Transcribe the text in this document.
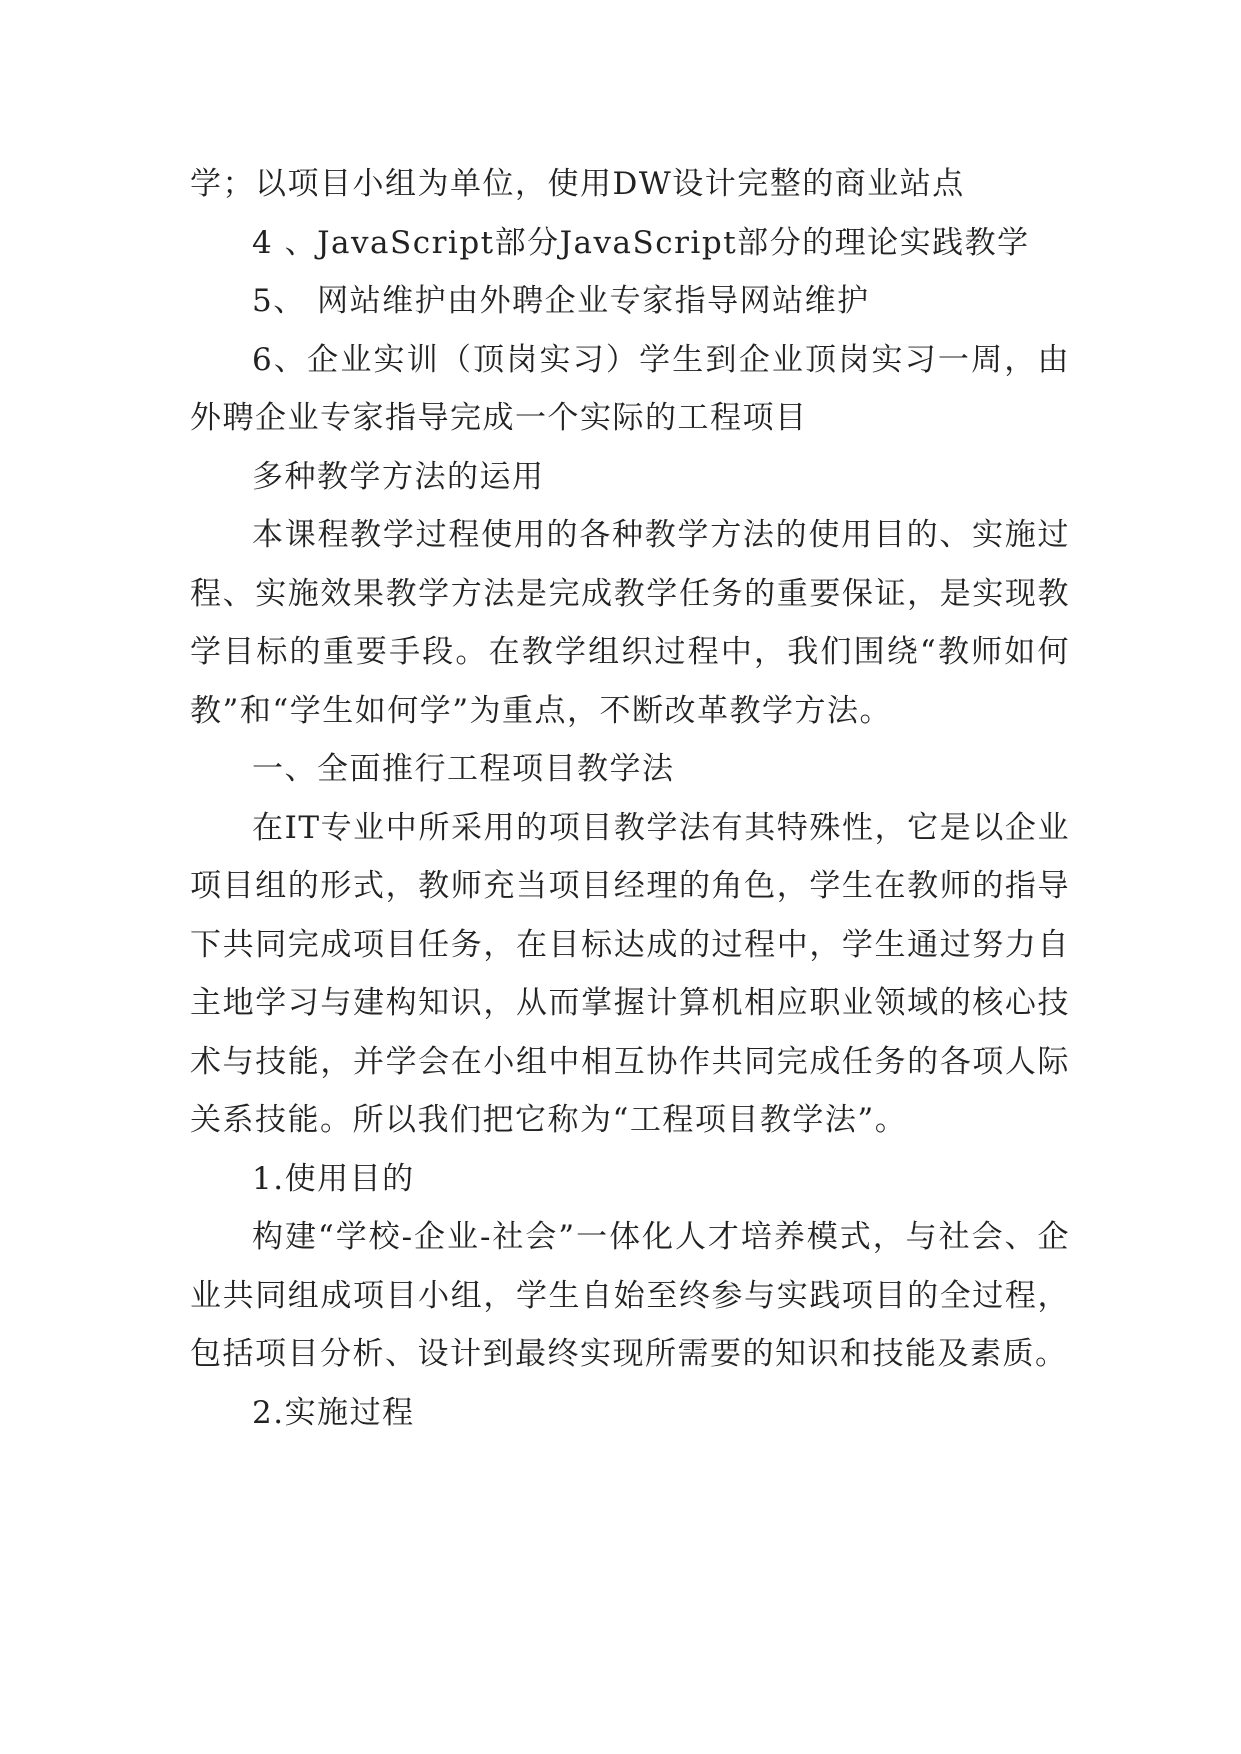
学；以项目小组为单位，使用DW设计完整的商业站点

4 、JavaScript部分JavaScript部分的理论实践教学

5、 网站维护由外聘企业专家指导网站维护

6、企业实训（顶岗实习）学生到企业顶岗实习一周，由外聘企业专家指导完成一个实际的工程项目

多种教学方法的运用

本课程教学过程使用的各种教学方法的使用目的、实施过程、实施效果教学方法是完成教学任务的重要保证，是实现教学目标的重要手段。在教学组织过程中，我们围绕“教师如何教”和“学生如何学”为重点，不断改革教学方法。

一、全面推行工程项目教学法

在IT专业中所采用的项目教学法有其特殊性，它是以企业项目组的形式，教师充当项目经理的角色，学生在教师的指导下共同完成项目任务，在目标达成的过程中，学生通过努力自主地学习与建构知识，从而掌握计算机相应职业领域的核心技术与技能，并学会在小组中相互协作共同完成任务的各项人际关系技能。所以我们把它称为“工程项目教学法”。

1.使用目的

构建“学校-企业-社会”一体化人才培养模式，与社会、企业共同组成项目小组，学生自始至终参与实践项目的全过程，包括项目分析、设计到最终实现所需要的知识和技能及素质。

2.实施过程
